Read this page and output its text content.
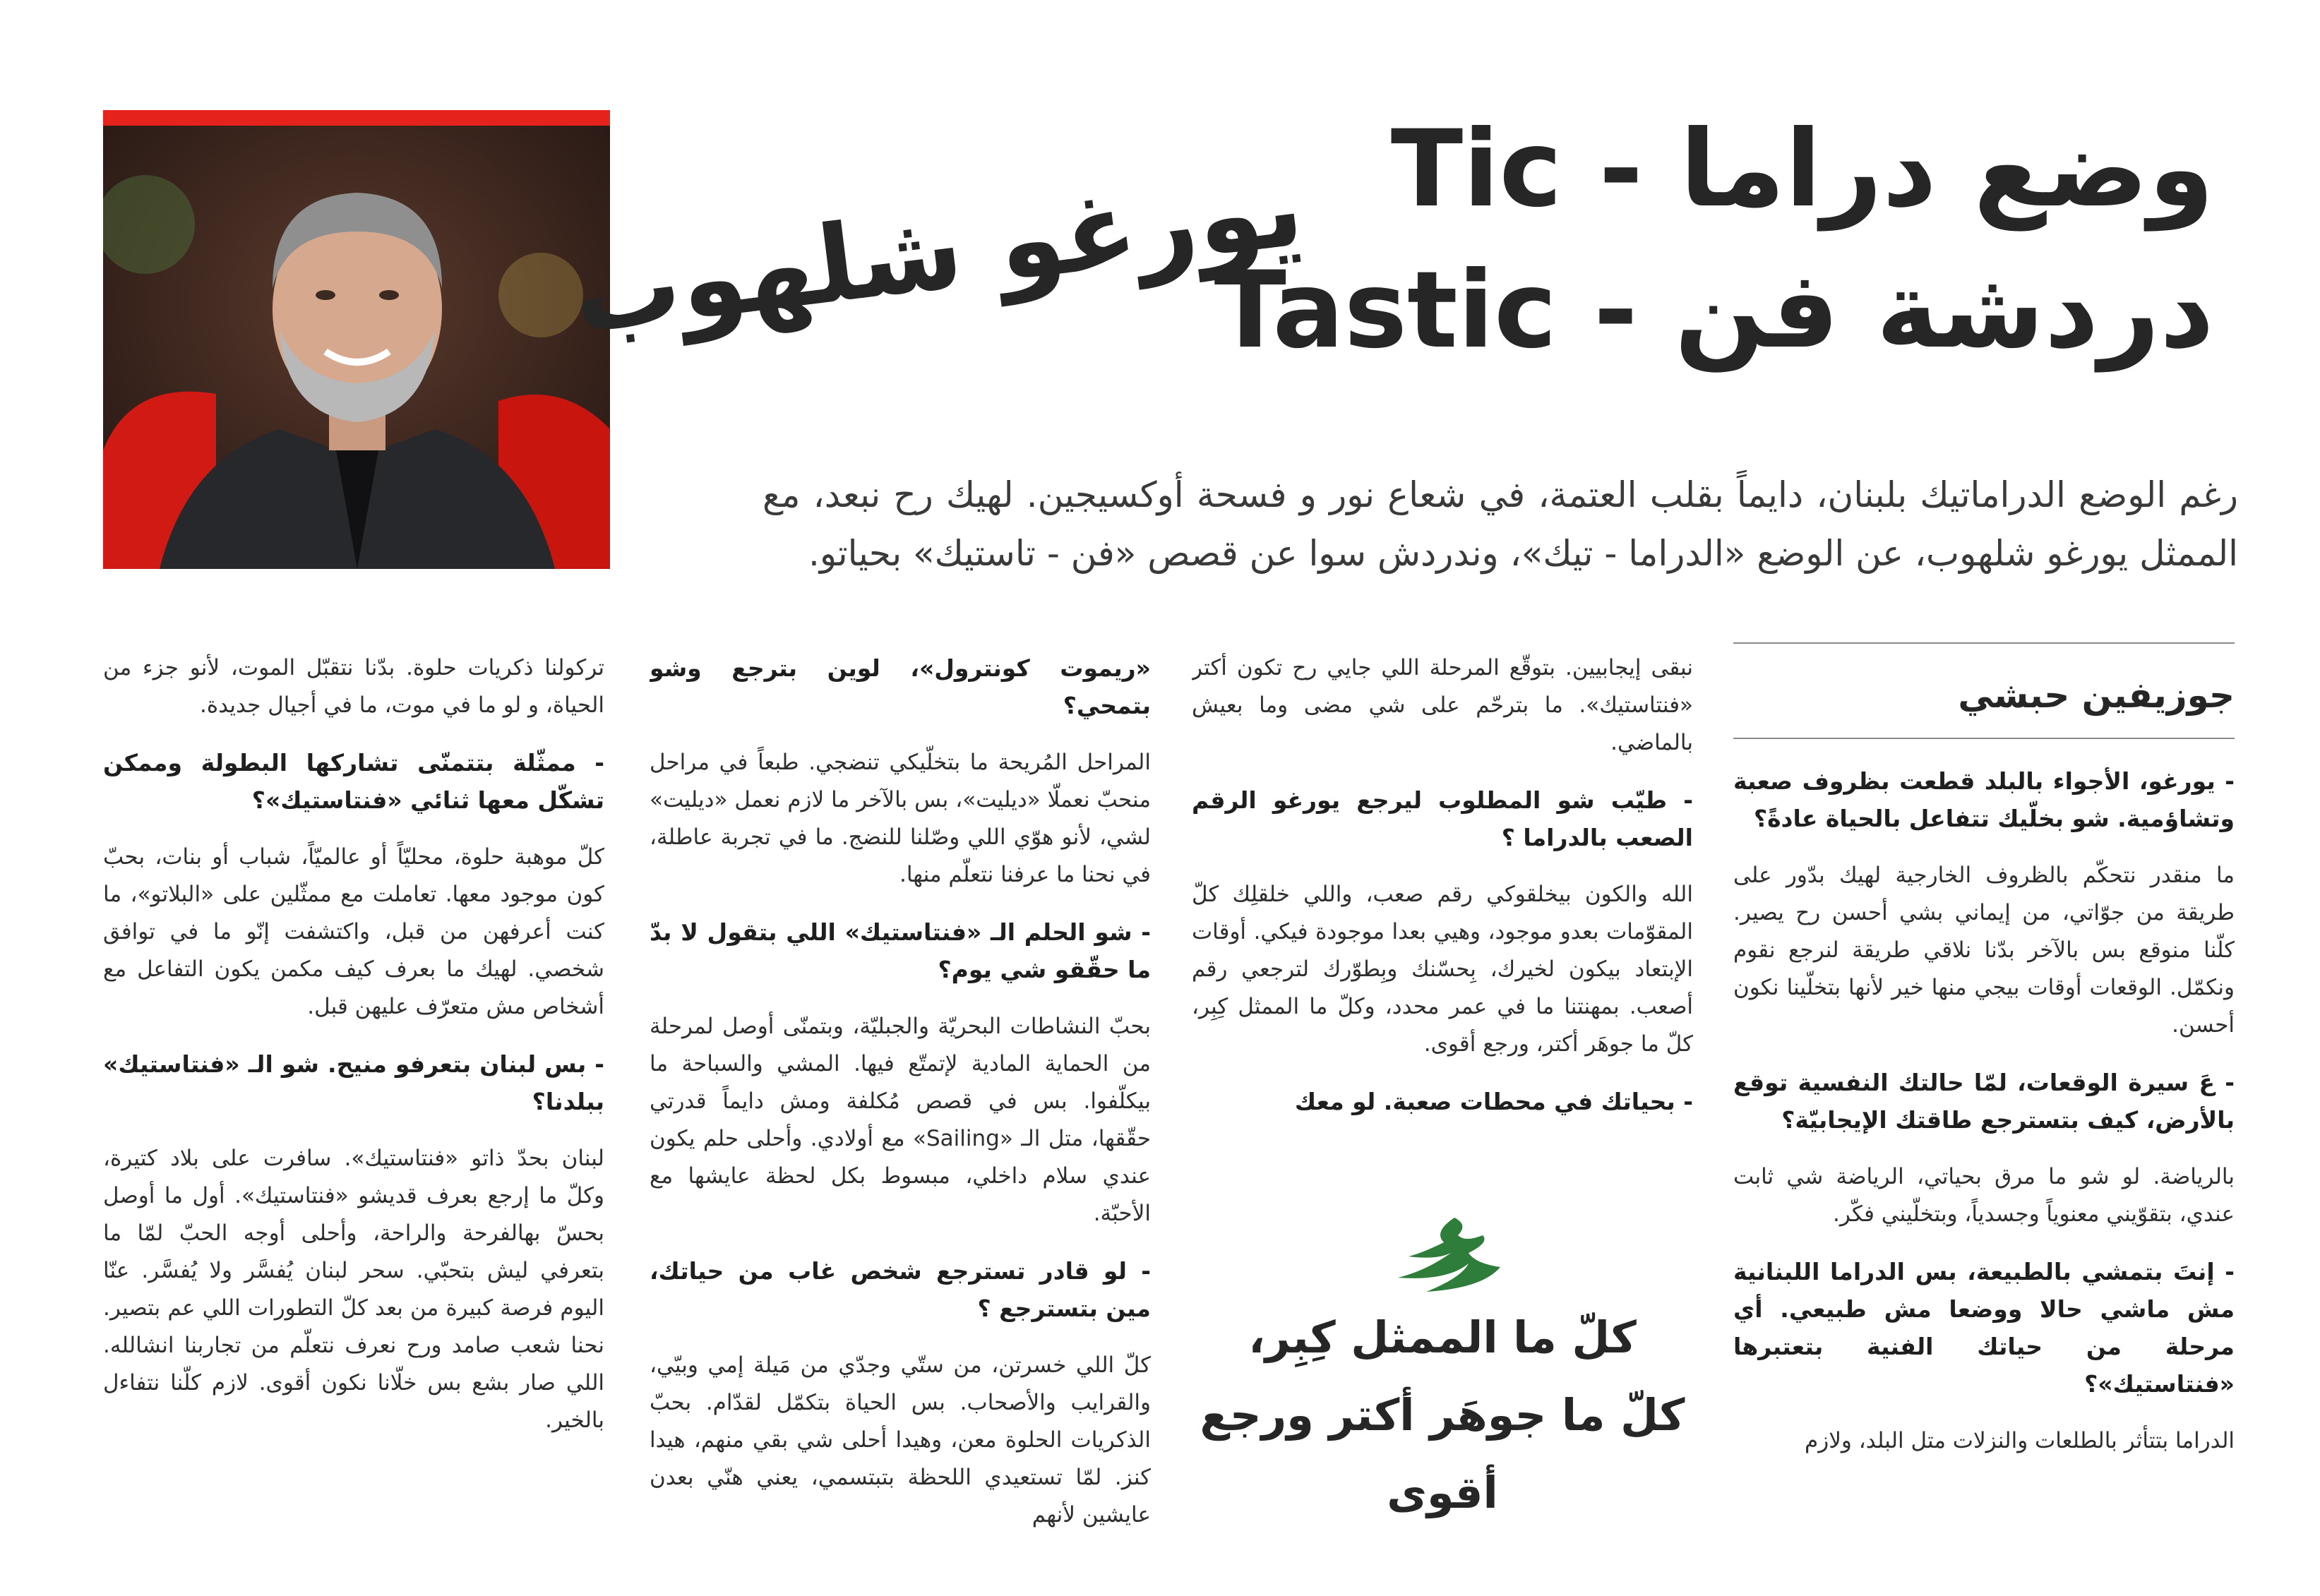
وضع دراما - Tic
دردشة فن - Tastic
يورغو شلهوب
رغم الوضع الدراماتيك بلبنان، دايماً بقلب العتمة، في شعاع نور و فسحة أوكسيجين. لهيك رح نبعد، مع الممثل يورغو شلهوب، عن الوضع «الدراما - تيك»، وندردش سوا عن قصص «فن - تاستيك» بحياتو.
جوزيفين حبشي
- يورغو، الأجواء بالبلد قطعت بظروف صعبة وتشاؤمية. شو بخلّيك تتفاعل بالحياة عادةً؟
ما منقدر نتحكّم بالظروف الخارجية لهيك بدّور على طريقة من جوّاتي، من إيماني بشي أحسن رح يصير. كلّنا منوقع بس بالآخر بدّنا نلاقي طريقة لنرجع نقوم ونكمّل. الوقعات أوقات بيجي منها خير لأنها بتخلّينا نكون أحسن.
- عَ سيرة الوقعات، لمّا حالتك النفسية توقع بالأرض، كيف بتسترجع طاقتك الإيجابيّة؟
بالرياضة. لو شو ما مرق بحياتي، الرياضة شي ثابت عندي، بتقوّيني معنوياً وجسدياً، وبتخلّيني فكّر.
- إنتَ بتمشي بالطبيعة، بس الدراما اللبنانية مش ماشي حالا ووضعا مش طبيعي. أي مرحلة من حياتك الفنية بتعتبرها «فنتاستيك»؟
الدراما بتتأثر بالطلعات والنزلات متل البلد، ولازم
نبقى إيجابيين. بتوقّع المرحلة اللي جايي رح تكون أكتر «فنتاستيك». ما بترحّم على شي مضى وما بعيش بالماضي.
- طيّب شو المطلوب ليرجع يورغو الرقم الصعب بالدراما ؟
الله والكون بيخلقوكي رقم صعب، واللي خلقلِك كلّ المقوّمات بعدو موجود، وهيي بعدا موجودة فيكي. أوقات الإبتعاد بيكون لخيرك، بِحسّنك وبِطوّرك لترجعي رقم أصعب. بمهنتنا ما في عمر محدد، وكلّ ما الممثل كِبِر، كلّ ما جوهَر أكتر، ورجع أقوى.
- بحياتك في محطات صعبة. لو معك
كلّ ما الممثل كِبِر،
كلّ ما جوهَر أكتر ورجع
أقوى
«ريموت كونترول»، لوين بترجع وشو بتمحي؟
المراحل المُريحة ما بتخلّيكي تنضجي. طبعاً في مراحل منحبّ نعملّا «ديليت»، بس بالآخر ما لازم نعمل «ديليت» لشي، لأنو هوّي اللي وصّلنا للنضج. ما في تجربة عاطلة، في نحنا ما عرفنا نتعلّم منها.
- شو الحلم الـ «فنتاستيك» اللي بتقول لا بدّ ما حقّقو شي يوم؟
بحبّ النشاطات البحريّة والجبليّة، وبتمنّى أوصل لمرحلة من الحماية المادية لإتمتّع فيها. المشي والسباحة ما بيكلّفوا. بس في قصص مُكلفة ومش دايماً قدرتي حقّقها، متل الـ «Sailing» مع أولادي. وأحلى حلم يكون عندي سلام داخلي، مبسوط بكل لحظة عايشها مع الأحبّة.
- لو قادر تسترجع شخص غاب من حياتك، مين بتسترجع ؟
كلّ اللي خسرتن، من ستّي وجدّي من مَيلة إمي وبيّي، والقرايب والأصحاب. بس الحياة بتكمّل لقدّام. بحبّ الذكريات الحلوة معن، وهيدا أحلى شي بقي منهم، هيدا كنز. لمّا تستعيدي اللحظة بتبتسمي، يعني هنّي بعدن عايشين لأنهم
تركولنا ذكريات حلوة. بدّنا نتقبّل الموت، لأنو جزء من الحياة، و لو ما في موت، ما في أجيال جديدة.
- ممثّلة بتتمنّى تشاركها البطولة وممكن تشكّل معها ثنائي «فنتاستيك»؟
كلّ موهبة حلوة، محليّاً أو عالميّاً، شباب أو بنات، بحبّ كون موجود معها. تعاملت مع ممثّلين على «البلاتو»، ما كنت أعرفهن من قبل، واكتشفت إنّو ما في توافق شخصي. لهيك ما بعرف كيف مكمن يكون التفاعل مع أشخاص مش متعرّف عليهن قبل.
- بس لبنان بتعرفو منيح. شو الـ «فنتاستيك» ببلدنا؟
لبنان بحدّ ذاتو «فنتاستيك». سافرت على بلاد كتيرة، وكلّ ما إرجع بعرف قديشو «فنتاستيك». أول ما أوصل بحسّ بهالفرحة والراحة، وأحلى أوجه الحبّ لمّا ما بتعرفي ليش بتحبّي. سحر لبنان يُفسَّر ولا يُفسَّر. عنّا اليوم فرصة كبيرة من بعد كلّ التطورات اللي عم بتصير. نحنا شعب صامد ورح نعرف نتعلّم من تجاربنا انشالله. اللي صار بشع بس خلّانا نكون أقوى. لازم كلّنا نتفاءل بالخير.
